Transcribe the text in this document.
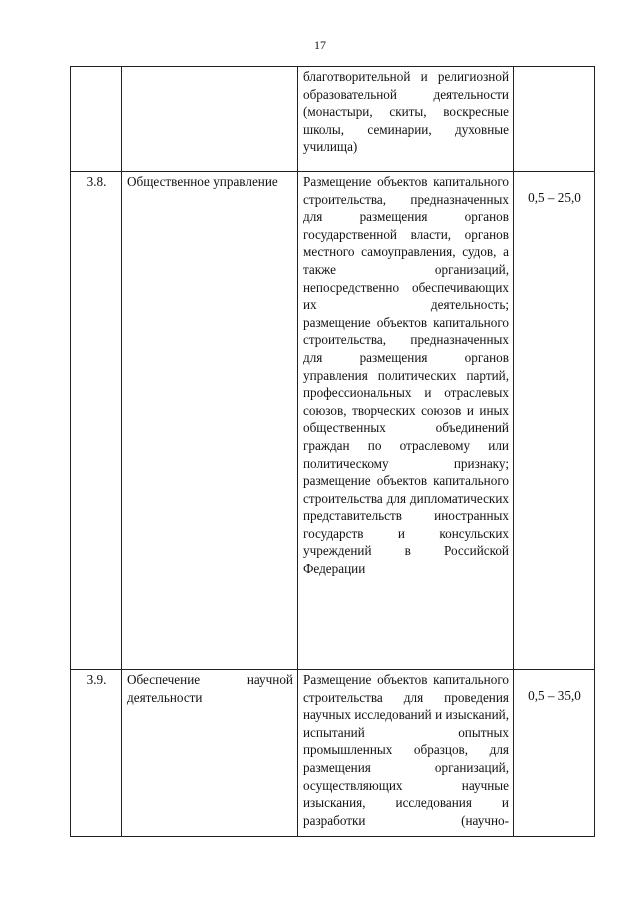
17

		благотворительной и религиозной образовательной деятельности (монастыри, скиты, воскресные школы, семинарии, духовные училища)	

3.8.	Общественное управление	Размещение объектов капитального строительства, предназначенных для размещения органов государственной власти, органов местного самоуправления, судов, а также организаций, непосредственно обеспечивающих их деятельность;
размещение объектов капитального строительства, предназначенных для размещения органов управления политических партий, профессиональных и отраслевых союзов, творческих союзов и иных общественных объединений граждан по отраслевому или политическому признаку;
размещение объектов капитального строительства для дипломатических представительств иностранных государств и консульских учреждений в Российской Федерации	0,5 – 25,0

3.9.	Обеспечение научной деятельности	Размещение объектов капитального строительства для проведения научных исследований и изысканий, испытаний опытных промышленных образцов, для размещения организаций, осуществляющих научные изыскания, исследования и разработки (научно-	0,5 – 35,0
